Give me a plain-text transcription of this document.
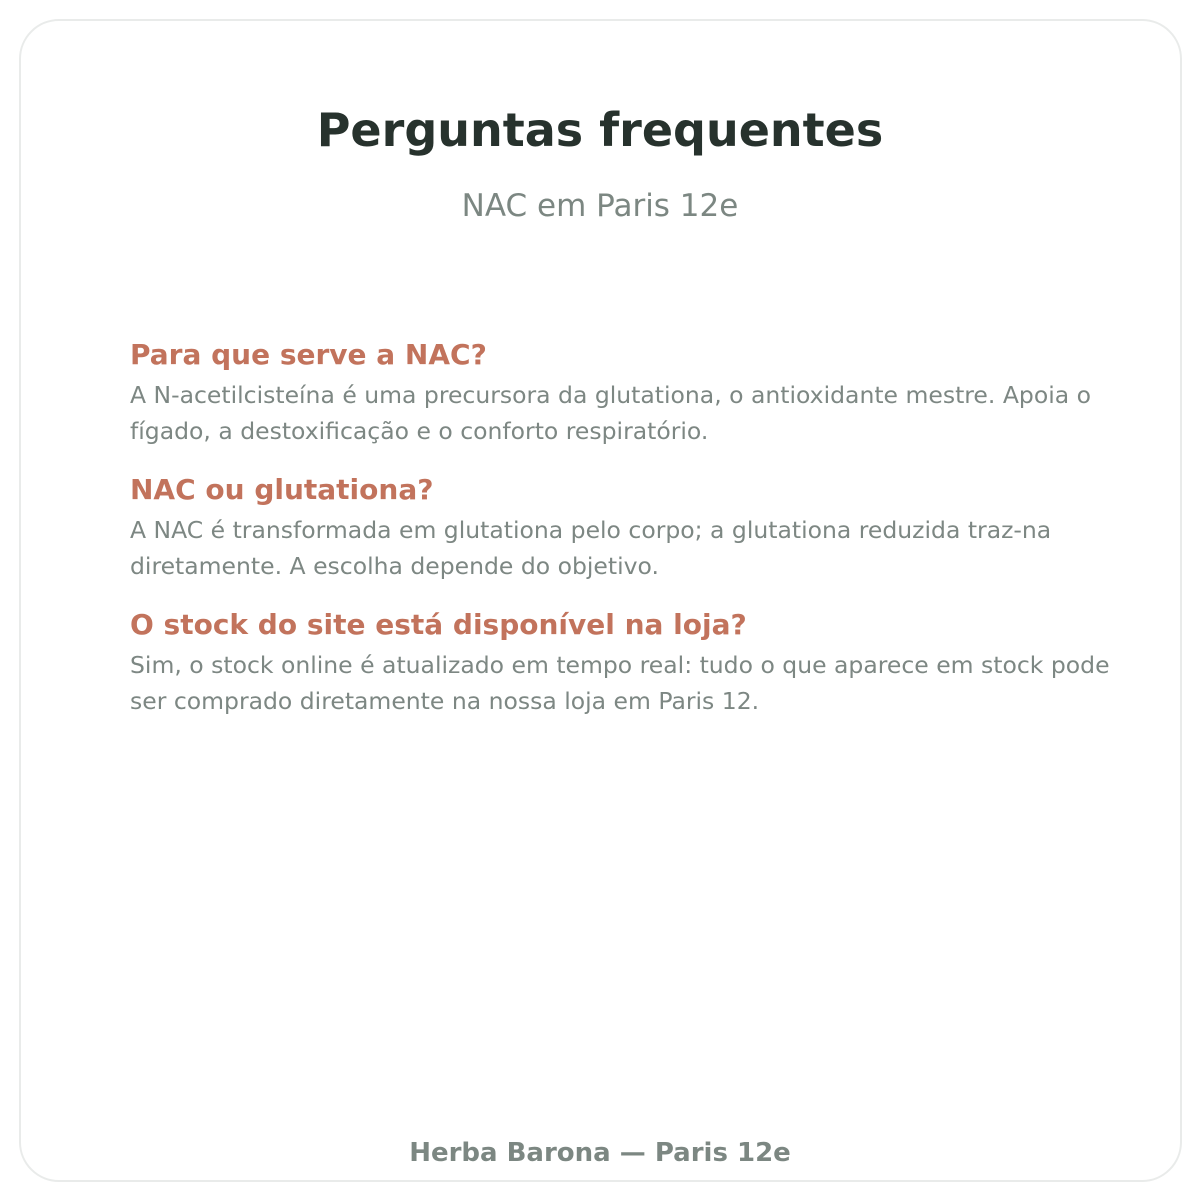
Perguntas frequentes
NAC em Paris 12e
Para que serve a NAC?

A N-acetilcisteína é uma precursora da glutationa, o antioxidante mestre. Apoia o fígado, a destoxificação e o conforto respiratório.

NAC ou glutationa?

A NAC é transformada em glutationa pelo corpo; a glutationa reduzida traz-na diretamente. A escolha depende do objetivo.

O stock do site está disponível na loja?

Sim, o stock online é atualizado em tempo real: tudo o que aparece em stock pode ser comprado diretamente na nossa loja em Paris 12.

Herba Barona — Paris 12e
